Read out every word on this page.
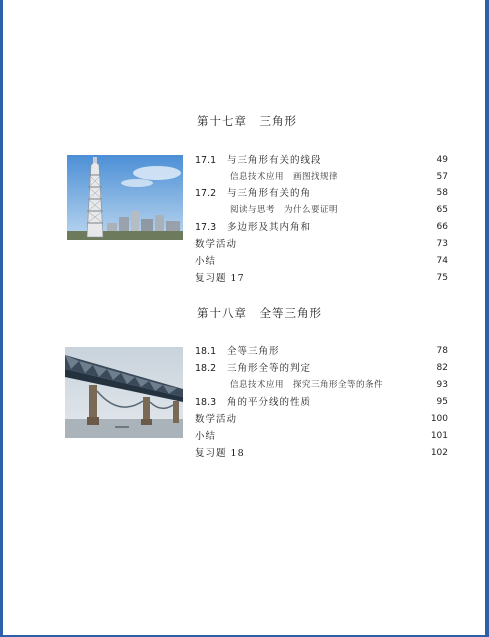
第十七章　三角形
17.1 与三角形有关的线段	49
信息技术应用　画图找规律	57
17.2 与三角形有关的角	58
阅读与思考　为什么要证明	65
17.3 多边形及其内角和	66
数学活动	73
小结	74
复习题 17	75
第十八章　全等三角形
18.1 全等三角形	78
18.2 三角形全等的判定	82
信息技术应用　探究三角形全等的条件	93
18.3 角的平分线的性质	95
数学活动	100
小结	101
复习题 18	102
